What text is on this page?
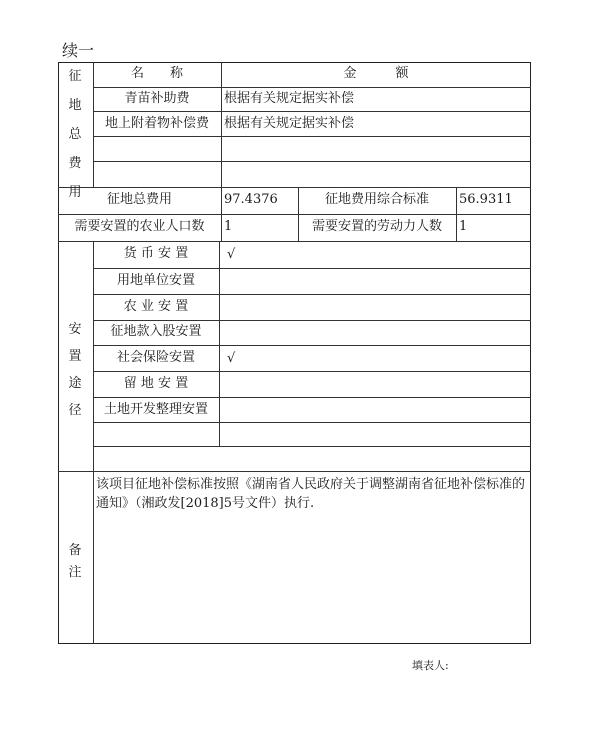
续一
征地总费用
名　　称	金　　　额
青苗补助费	根据有关规定据实补偿
地上附着物补偿费	根据有关规定据实补偿
征地总费用	97.4376	征地费用综合标准	56.9311
需要安置的农业人口数	1	需要安置的劳动力人数	1
安置途径
货 币 安 置	√
用地单位安置
农 业 安 置
征地款入股安置
社会保险安置	√
留 地 安 置
土地开发整理安置
备注
该项目征地补偿标准按照《湖南省人民政府关于调整湖南省征地补偿标准的通知》（湘政发[2018]5号文件）执行.
填表人:
